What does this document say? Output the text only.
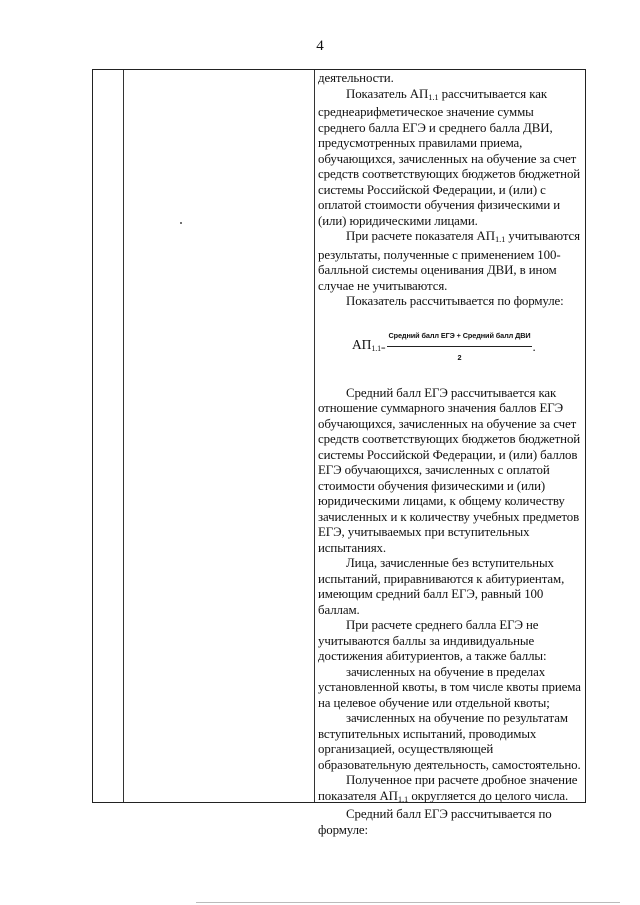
4

деятельности.

Показатель $АП_{1.1}$ рассчитывается как среднеарифметическое значение суммы среднего балла ЕГЭ и среднего балла ДВИ, предусмотренных правилами приема, обучающихся, зачисленных на обучение за счет средств соответствующих бюджетов бюджетной системы Российской Федерации, и (или) с оплатой стоимости обучения физическими и (или) юридическими лицами.

При расчете показателя $АП_{1.1}$ учитываются результаты, полученные с применением 100-балльной системы оценивания ДВИ, в ином случае не учитываются.

Показатель рассчитывается по формуле:

$АП_{1.1=} \frac{\text{Средний балл ЕГЭ + Средний балл ДВИ}}{2}$ .

Средний балл ЕГЭ рассчитывается как отношение суммарного значения баллов ЕГЭ обучающихся, зачисленных на обучение за счет средств соответствующих бюджетов бюджетной системы Российской Федерации, и (или) баллов ЕГЭ обучающихся, зачисленных с оплатой стоимости обучения физическими и (или) юридическими лицами, к общему количеству зачисленных и к количеству учебных предметов ЕГЭ, учитываемых при вступительных испытаниях.

Лица, зачисленные без вступительных испытаний, приравниваются к абитуриентам, имеющим средний балл ЕГЭ, равный 100 баллам.

При расчете среднего балла ЕГЭ не учитываются баллы за индивидуальные достижения абитуриентов, а также баллы:

зачисленных на обучение в пределах установленной квоты, в том числе квоты приема на целевое обучение или отдельной квоты;

зачисленных на обучение по результатам вступительных испытаний, проводимых организацией, осуществляющей образовательную деятельность, самостоятельно.

Полученное при расчете дробное значение показателя $АП_{1.1}$ округляется до целого числа.

Средний балл ЕГЭ рассчитывается по формуле:
